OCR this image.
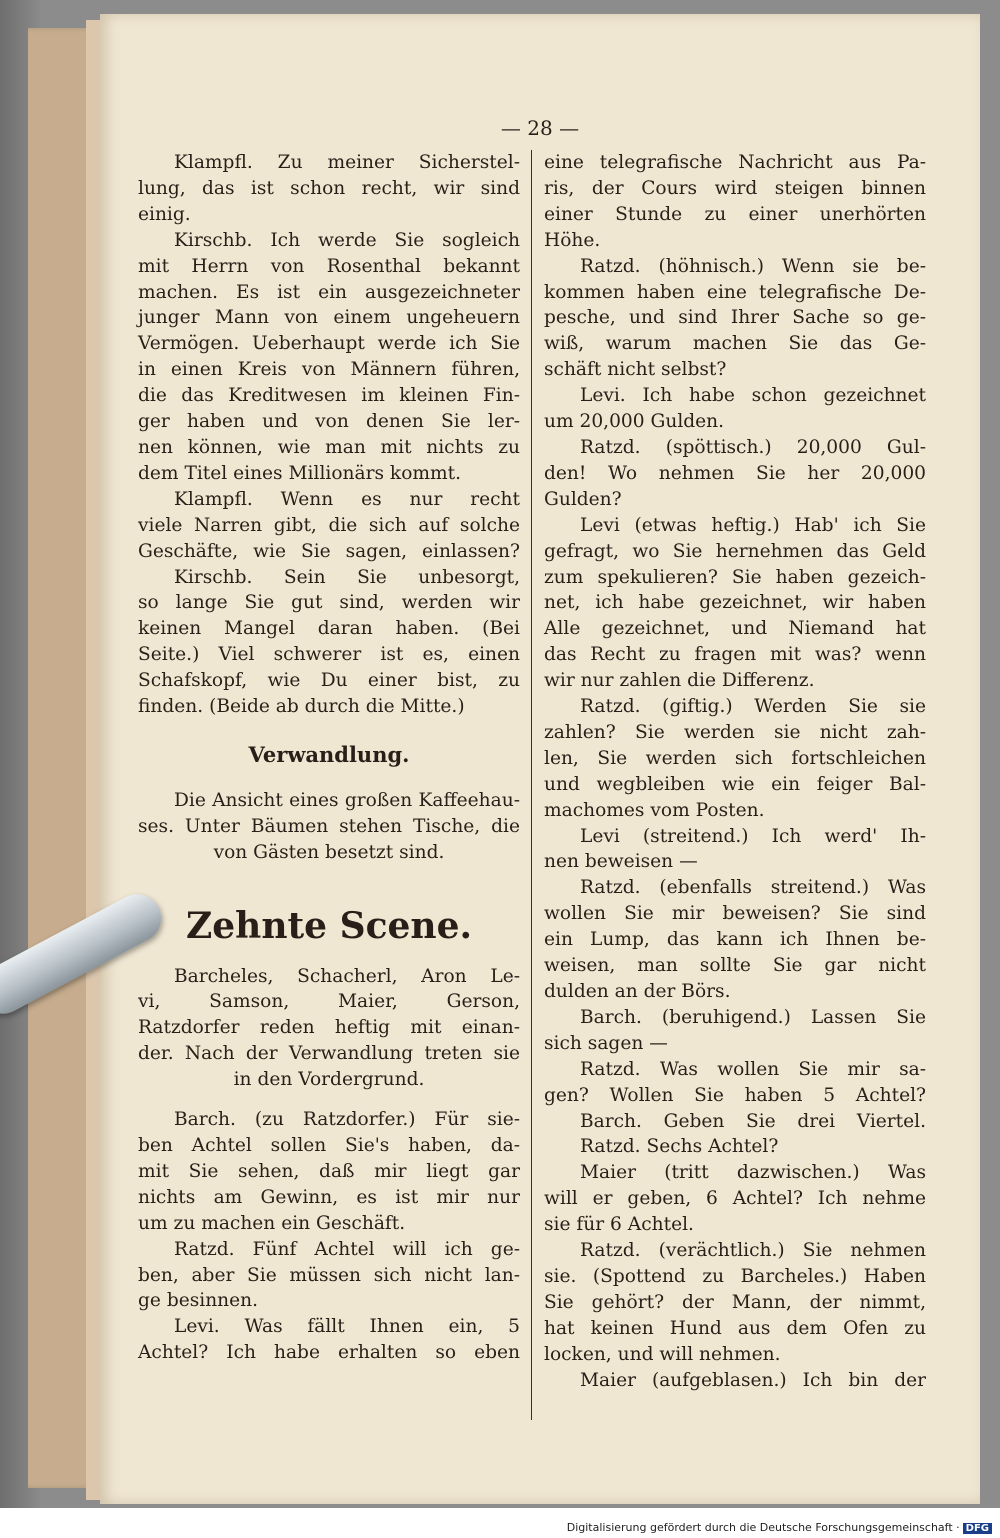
— 28 —
Klampfl. Zu meiner Sicherstel-
lung, das ist schon recht, wir sind
einig.
Kirschb. Ich werde Sie sogleich
mit Herrn von Rosenthal bekannt
machen. Es ist ein ausgezeichneter
junger Mann von einem ungeheuern
Vermögen. Ueberhaupt werde ich Sie
in einen Kreis von Männern führen,
die das Kreditwesen im kleinen Fin-
ger haben und von denen Sie ler-
nen können, wie man mit nichts zu
dem Titel eines Millionärs kommt.
Klampfl. Wenn es nur recht
viele Narren gibt, die sich auf solche
Geschäfte, wie Sie sagen, einlassen?
Kirschb. Sein Sie unbesorgt,
so lange Sie gut sind, werden wir
keinen Mangel daran haben. (Bei
Seite.) Viel schwerer ist es, einen
Schafskopf, wie Du einer bist, zu
finden. (Beide ab durch die Mitte.)
Verwandlung.
Die Ansicht eines großen Kaffeehau-
ses. Unter Bäumen stehen Tische, die
von Gästen besetzt sind.
Zehnte Scene.
Barcheles, Schacherl, Aron Le-
vi, Samson, Maier, Gerson,
Ratzdorfer reden heftig mit einan-
der. Nach der Verwandlung treten sie
in den Vordergrund.
Barch. (zu Ratzdorfer.) Für sie-
ben Achtel sollen Sie's haben, da-
mit Sie sehen, daß mir liegt gar
nichts am Gewinn, es ist mir nur
um zu machen ein Geschäft.
Ratzd. Fünf Achtel will ich ge-
ben, aber Sie müssen sich nicht lan-
ge besinnen.
Levi. Was fällt Ihnen ein, 5
Achtel? Ich habe erhalten so eben
eine telegrafische Nachricht aus Pa-
ris, der Cours wird steigen binnen
einer Stunde zu einer unerhörten
Höhe.
Ratzd. (höhnisch.) Wenn sie be-
kommen haben eine telegrafische De-
pesche, und sind Ihrer Sache so ge-
wiß, warum machen Sie das Ge-
schäft nicht selbst?
Levi. Ich habe schon gezeichnet
um 20,000 Gulden.
Ratzd. (spöttisch.) 20,000 Gul-
den! Wo nehmen Sie her 20,000
Gulden?
Levi (etwas heftig.) Hab' ich Sie
gefragt, wo Sie hernehmen das Geld
zum spekulieren? Sie haben gezeich-
net, ich habe gezeichnet, wir haben
Alle gezeichnet, und Niemand hat
das Recht zu fragen mit was? wenn
wir nur zahlen die Differenz.
Ratzd. (giftig.) Werden Sie sie
zahlen? Sie werden sie nicht zah-
len, Sie werden sich fortschleichen
und wegbleiben wie ein feiger Bal-
machomes vom Posten.
Levi (streitend.) Ich werd' Ih-
nen beweisen —
Ratzd. (ebenfalls streitend.) Was
wollen Sie mir beweisen? Sie sind
ein Lump, das kann ich Ihnen be-
weisen, man sollte Sie gar nicht
dulden an der Börs.
Barch. (beruhigend.) Lassen Sie
sich sagen —
Ratzd. Was wollen Sie mir sa-
gen? Wollen Sie haben 5 Achtel?
Barch. Geben Sie drei Viertel.
Ratzd. Sechs Achtel?
Maier (tritt dazwischen.) Was
will er geben, 6 Achtel? Ich nehme
sie für 6 Achtel.
Ratzd. (verächtlich.) Sie nehmen
sie. (Spottend zu Barcheles.) Haben
Sie gehört? der Mann, der nimmt,
hat keinen Hund aus dem Ofen zu
locken, und will nehmen.
Maier (aufgeblasen.) Ich bin der
Digitalisierung gefördert durch die Deutsche Forschungsgemeinschaft · DFG
